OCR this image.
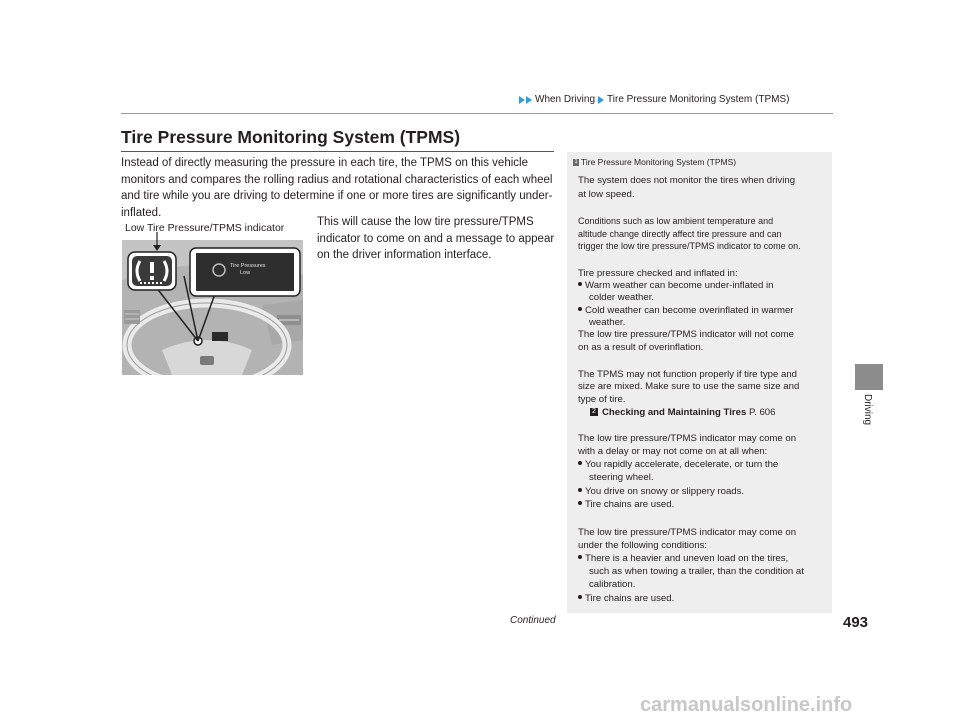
When Driving Tire Pressure Monitoring System (TPMS)
Driving
Tire Pressure Monitoring System (TPMS)
Instead of directly measuring the pressure in each tire, the TPMS on this vehicle monitors and compares the rolling radius and rotational characteristics of each wheel and tire while you are driving to determine if one or more tires are significantly under-inflated.
This will cause the low tire pressure/TPMS indicator to come on and a message to appear on the driver information interface.
Tire Pressures
Low
Low Tire Pressure/TPMS indicator
1 Tire Pressure Monitoring System (TPMS)
The system does not monitor the tires when driving
at low speed.
Conditions such as low ambient temperature and
altitude change directly affect tire pressure and can
trigger the low tire pressure/TPMS indicator to come on.
Tire pressure checked and inflated in:
Warm weather can become under-inflated in
colder weather.
Cold weather can become overinflated in warmer
weather.
The low tire pressure/TPMS indicator will not come
on as a result of overinflation.
The TPMS may not function properly if tire type and
size are mixed. Make sure to use the same size and
type of tire.
2 Checking and Maintaining Tires P. 606
The low tire pressure/TPMS indicator may come on
with a delay or may not come on at all when:
You rapidly accelerate, decelerate, or turn the
steering wheel.
You drive on snowy or slippery roads.
Tire chains are used.
The low tire pressure/TPMS indicator may come on
under the following conditions:
There is a heavier and uneven load on the tires,
such as when towing a trailer, than the condition at
calibration.
Tire chains are used.
Continued	493
carmanualsonline.info
